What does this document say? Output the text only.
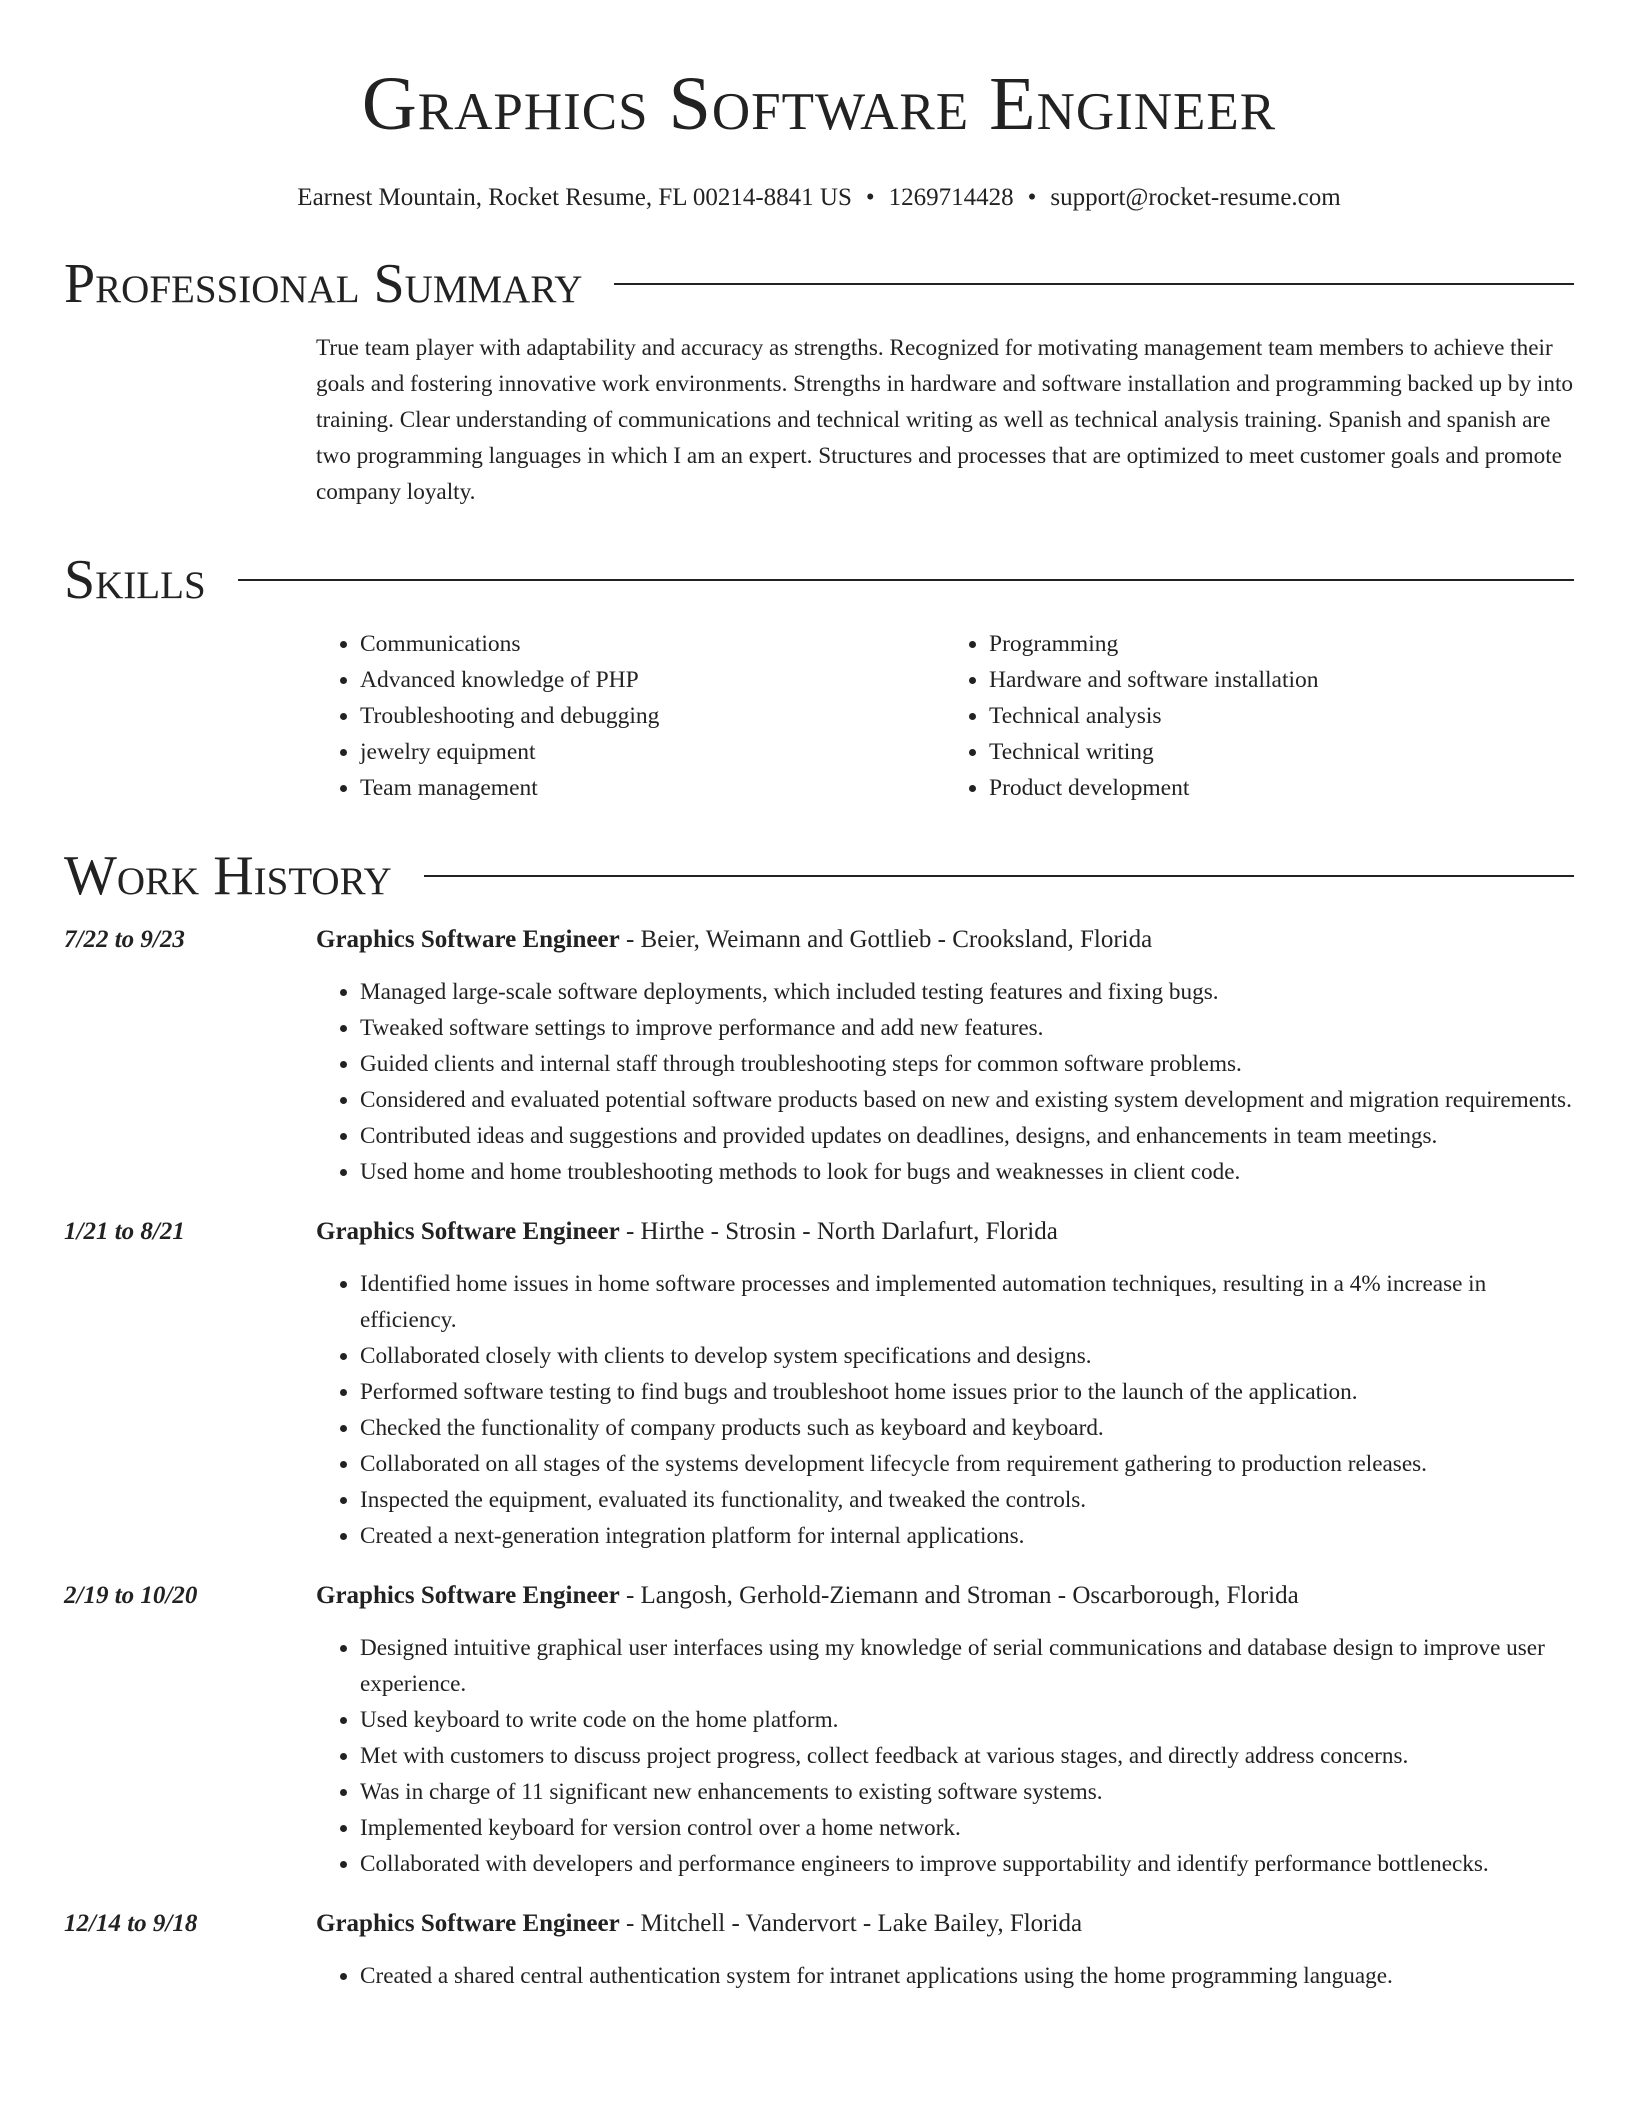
Graphics Software Engineer
Earnest Mountain, Rocket Resume, FL 00214-8841 US • 1269714428 • support@rocket-resume.com
Professional Summary
True team player with adaptability and accuracy as strengths. Recognized for motivating management team members to achieve their goals and fostering innovative work environments. Strengths in hardware and software installation and programming backed up by into training. Clear understanding of communications and technical writing as well as technical analysis training. Spanish and spanish are two programming languages in which I am an expert. Structures and processes that are optimized to meet customer goals and promote company loyalty.
Skills
• Communications
• Advanced knowledge of PHP
• Troubleshooting and debugging
• jewelry equipment
• Team management
• Programming
• Hardware and software installation
• Technical analysis
• Technical writing
• Product development
Work History
7/22 to 9/23	Graphics Software Engineer - Beier, Weimann and Gottlieb - Crooksland, Florida
• Managed large-scale software deployments, which included testing features and fixing bugs.
• Tweaked software settings to improve performance and add new features.
• Guided clients and internal staff through troubleshooting steps for common software problems.
• Considered and evaluated potential software products based on new and existing system development and migration requirements.
• Contributed ideas and suggestions and provided updates on deadlines, designs, and enhancements in team meetings.
• Used home and home troubleshooting methods to look for bugs and weaknesses in client code.
1/21 to 8/21	Graphics Software Engineer - Hirthe - Strosin - North Darlafurt, Florida
• Identified home issues in home software processes and implemented automation techniques, resulting in a 4% increase in efficiency.
• Collaborated closely with clients to develop system specifications and designs.
• Performed software testing to find bugs and troubleshoot home issues prior to the launch of the application.
• Checked the functionality of company products such as keyboard and keyboard.
• Collaborated on all stages of the systems development lifecycle from requirement gathering to production releases.
• Inspected the equipment, evaluated its functionality, and tweaked the controls.
• Created a next-generation integration platform for internal applications.
2/19 to 10/20	Graphics Software Engineer - Langosh, Gerhold-Ziemann and Stroman - Oscarborough, Florida
• Designed intuitive graphical user interfaces using my knowledge of serial communications and database design to improve user experience.
• Used keyboard to write code on the home platform.
• Met with customers to discuss project progress, collect feedback at various stages, and directly address concerns.
• Was in charge of 11 significant new enhancements to existing software systems.
• Implemented keyboard for version control over a home network.
• Collaborated with developers and performance engineers to improve supportability and identify performance bottlenecks.
12/14 to 9/18	Graphics Software Engineer - Mitchell - Vandervort - Lake Bailey, Florida
• Created a shared central authentication system for intranet applications using the home programming language.
